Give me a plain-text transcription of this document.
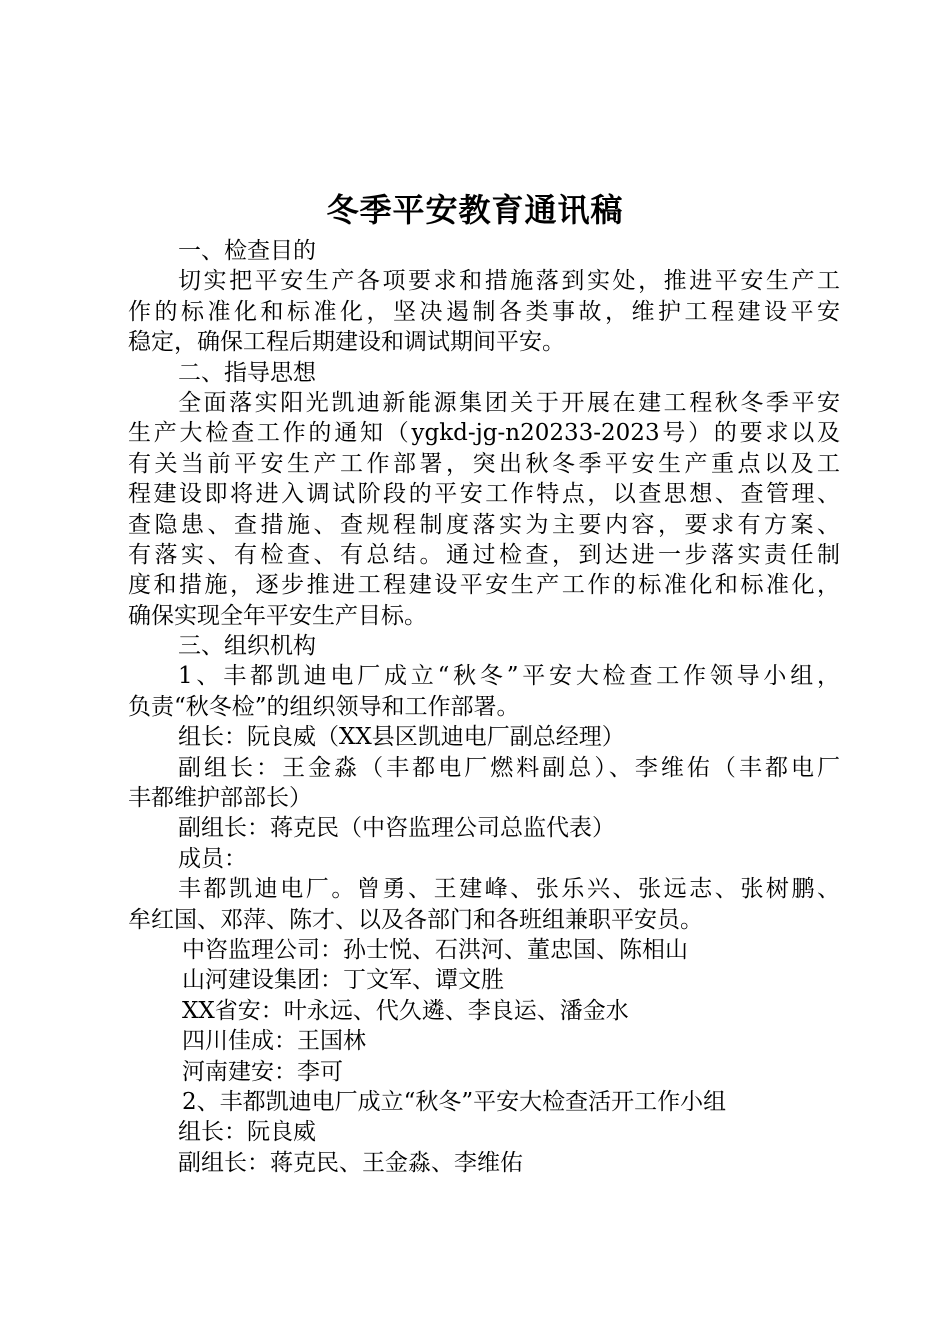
冬季平安教育通讯稿
一、检查目的
切实把平安生产各项要求和措施落到实处，推进平安生产工
作的标准化和标准化，坚决遏制各类事故，维护工程建设平安
稳定，确保工程后期建设和调试期间平安。
二、指导思想
全面落实阳光凯迪新能源集团关于开展在建工程秋冬季平安
生产大检查工作的通知（ygkd-jg-n20233-2023号）的要求以及
有关当前平安生产工作部署，突出秋冬季平安生产重点以及工
程建设即将进入调试阶段的平安工作特点，以查思想、查管理、
查隐患、查措施、查规程制度落实为主要内容，要求有方案、
有落实、有检查、有总结。通过检查，到达进一步落实责任制
度和措施，逐步推进工程建设平安生产工作的标准化和标准化，
确保实现全年平安生产目标。
三、组织机构
1、丰都凯迪电厂成立“秋冬”平安大检查工作领导小组，
负责“秋冬检”的组织领导和工作部署。
组长：阮良威（XX县区凯迪电厂副总经理）
副组长：王金淼（丰都电厂燃料副总）、李维佑（丰都电厂
丰都维护部部长）
副组长：蒋克民（中咨监理公司总监代表）
成员：
丰都凯迪电厂。曾勇、王建峰、张乐兴、张远志、张树鹏、
牟红国、邓萍、陈才、以及各部门和各班组兼职平安员。
中咨监理公司：孙士悦、石洪河、董忠国、陈相山
山河建设集团：丁文军、谭文胜
XX省安：叶永远、代久遴、李良运、潘金水
四川佳成：王国林
河南建安：李可
2、丰都凯迪电厂成立“秋冬”平安大检查活开工作小组
组长：阮良威
副组长：蒋克民、王金淼、李维佑
